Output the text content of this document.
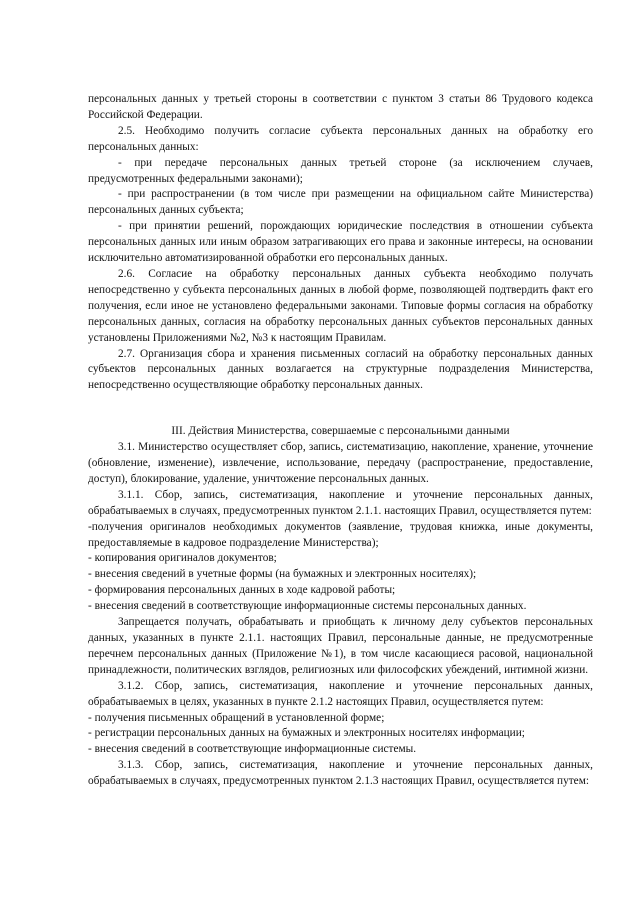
персональных данных у третьей стороны в соответствии с пунктом 3 статьи 86 Трудового кодекса Российской Федерации.

2.5. Необходимо получить согласие субъекта персональных данных на обработку его персональных данных:

- при передаче персональных данных третьей стороне (за исключением случаев, предусмотренных федеральными законами);

- при распространении (в том числе при размещении на официальном сайте Министерства) персональных данных субъекта;

- при принятии решений, порождающих юридические последствия в отношении субъекта персональных данных или иным образом затрагивающих его права и законные интересы, на основании исключительно автоматизированной обработки его персональных данных.

2.6. Согласие на обработку персональных данных субъекта необходимо получать непосредственно у субъекта персональных данных в любой форме, позволяющей подтвердить факт его получения, если иное не установлено федеральными законами. Типовые формы согласия на обработку персональных данных, согласия на обработку персональных данных субъектов персональных данных установлены Приложениями №2, №3 к настоящим Правилам.

2.7. Организация сбора и хранения письменных согласий на обработку персональных данных субъектов персональных данных возлагается на структурные подразделения Министерства, непосредственно осуществляющие обработку персональных данных.

III. Действия Министерства, совершаемые с персональными данными

3.1. Министерство осуществляет сбор, запись, систематизацию, накопление, хранение, уточнение (обновление, изменение), извлечение, использование, передачу (распространение, предоставление, доступ), блокирование, удаление, уничтожение персональных данных.

3.1.1. Сбор, запись, систематизация, накопление и уточнение персональных данных, обрабатываемых в случаях, предусмотренных пунктом 2.1.1. настоящих Правил, осуществляется путем:

-получения оригиналов необходимых документов (заявление, трудовая книжка, иные документы, предоставляемые в кадровое подразделение Министерства);

- копирования оригиналов документов;

- внесения сведений в учетные формы (на бумажных и электронных носителях);

- формирования персональных данных в ходе кадровой работы;

- внесения сведений в соответствующие информационные системы персональных данных.

Запрещается получать, обрабатывать и приобщать к личному делу субъектов персональных данных, указанных в пункте 2.1.1. настоящих Правил, персональные данные, не предусмотренные перечнем персональных данных (Приложение №1), в том числе касающиеся расовой, национальной принадлежности, политических взглядов, религиозных или философских убеждений, интимной жизни.

3.1.2. Сбор, запись, систематизация, накопление и уточнение персональных данных, обрабатываемых в целях, указанных в пункте 2.1.2 настоящих Правил, осуществляется путем:

- получения письменных обращений в установленной форме;

- регистрации персональных данных на бумажных и электронных носителях информации;

- внесения сведений в соответствующие информационные системы.

3.1.3. Сбор, запись, систематизация, накопление и уточнение персональных данных, обрабатываемых в случаях, предусмотренных пунктом 2.1.3 настоящих Правил, осуществляется путем:
